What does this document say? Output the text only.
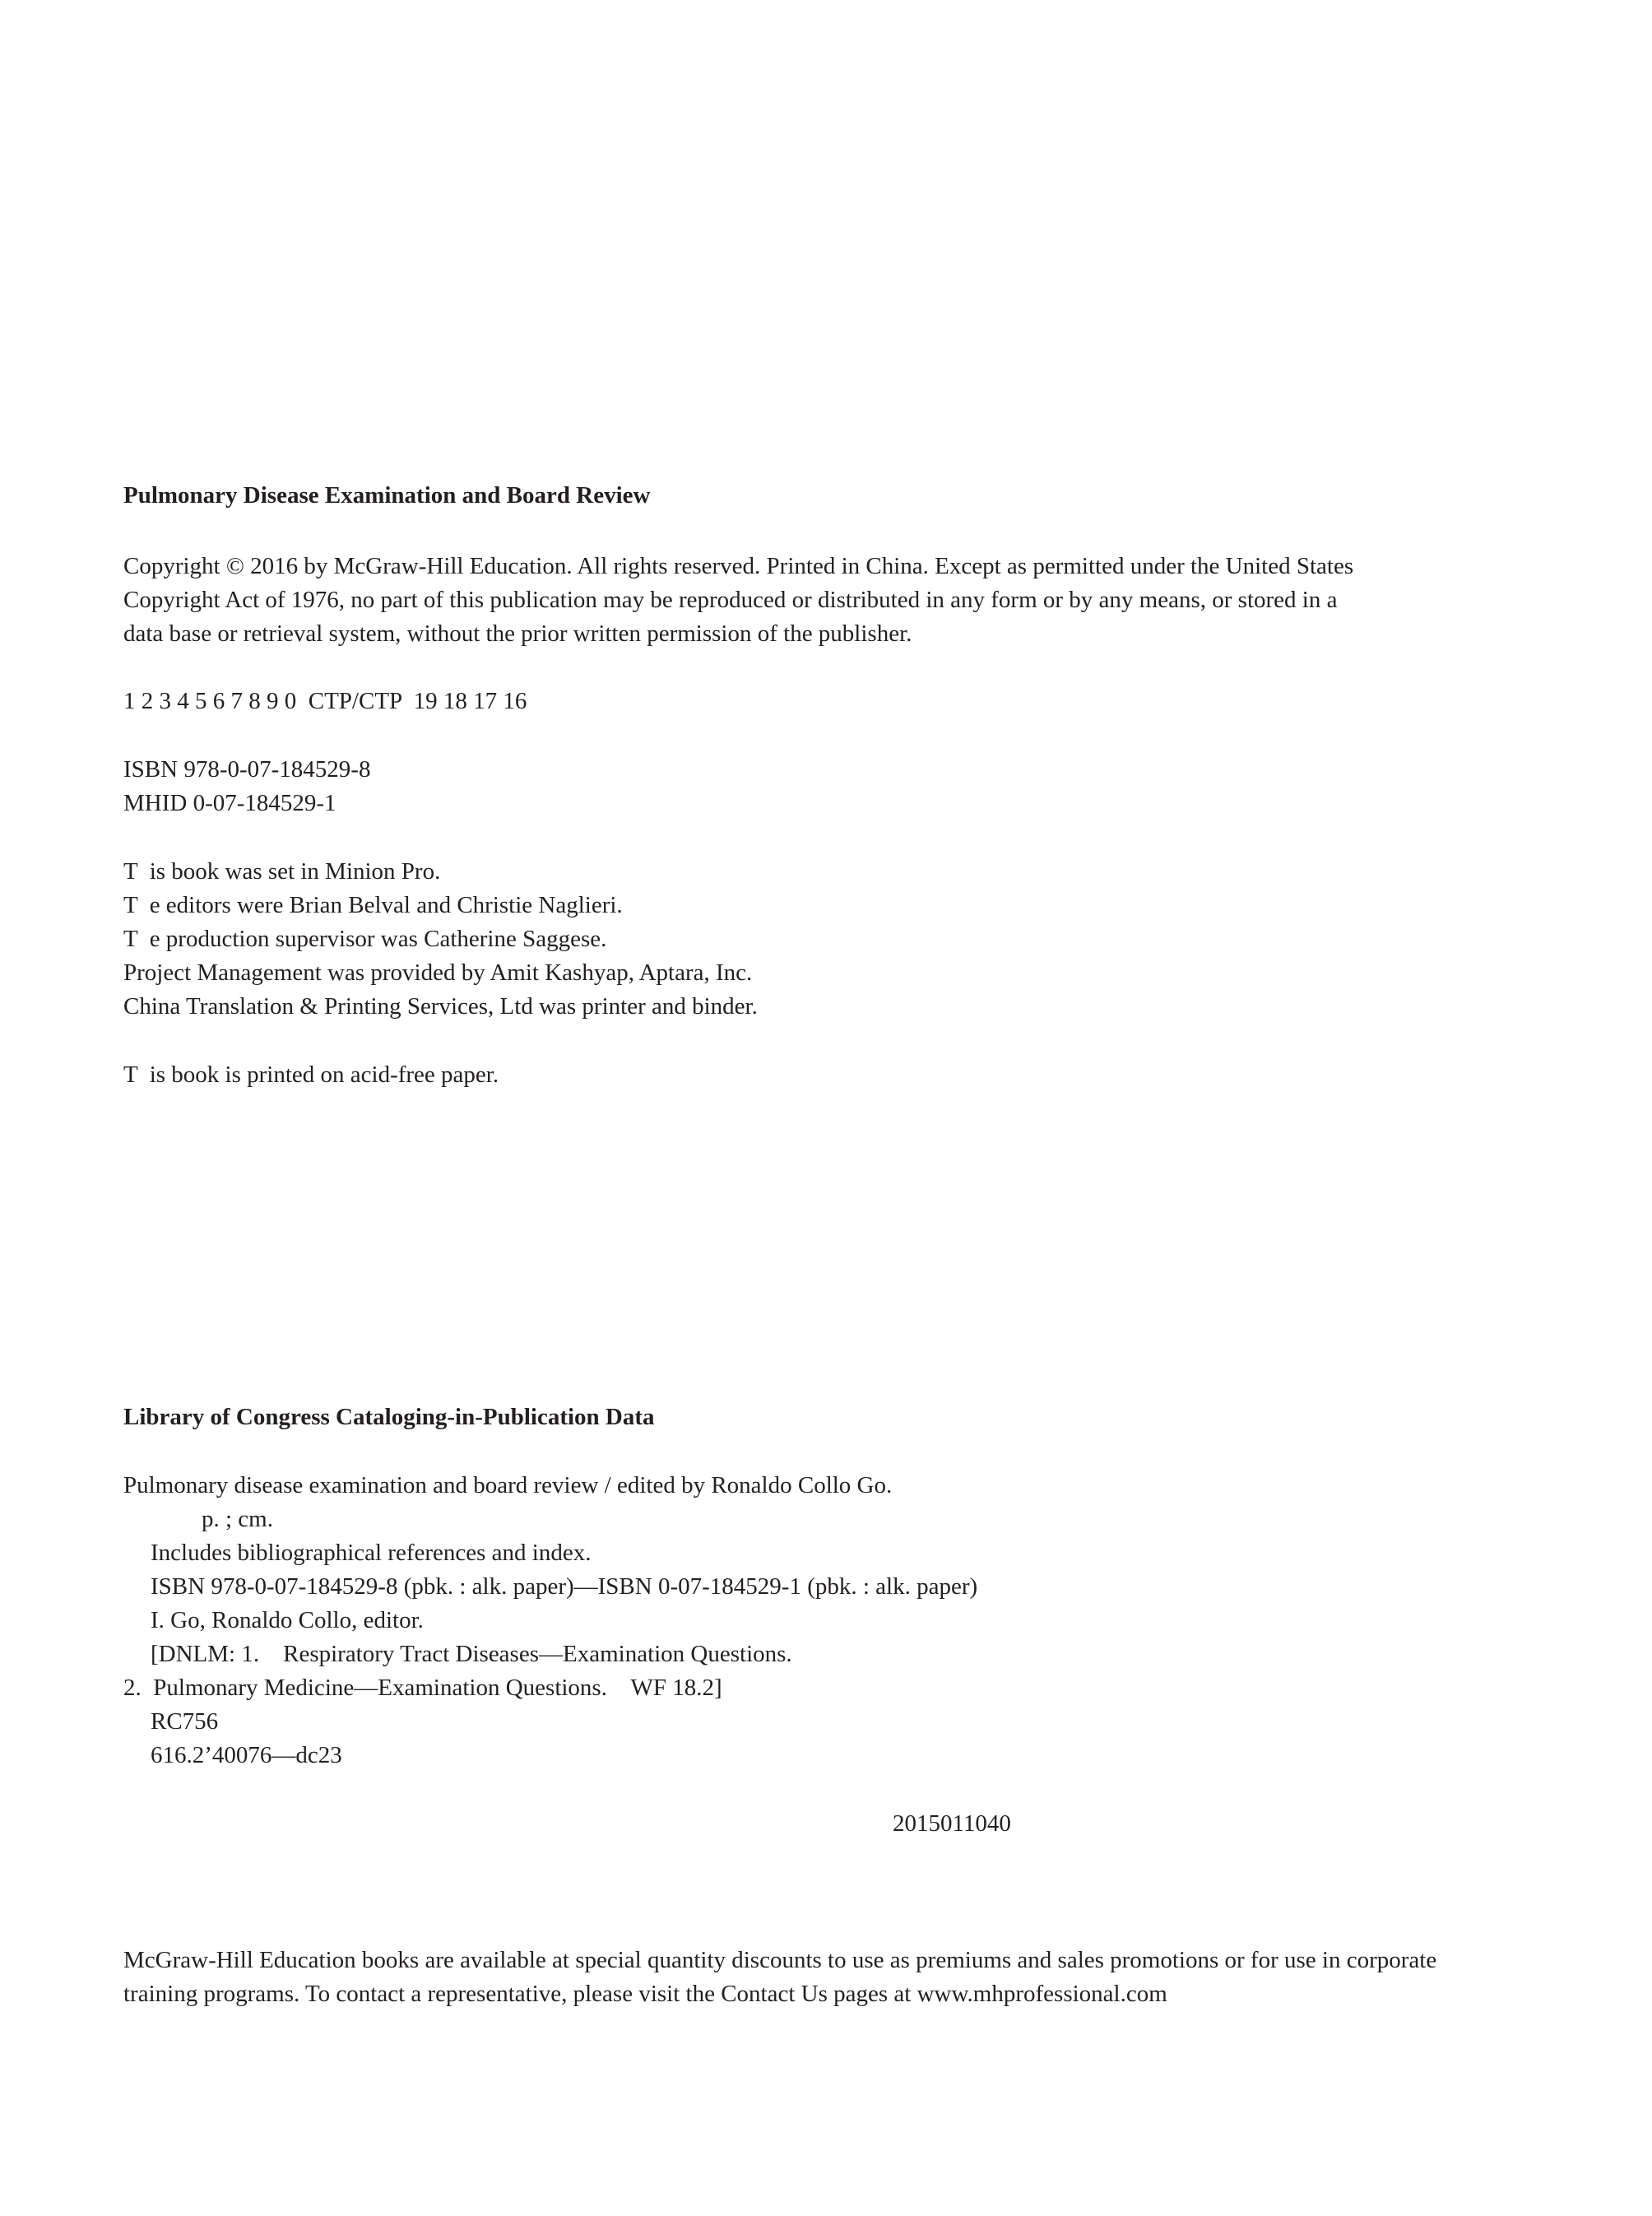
Pulmonary Disease Examination and Board Review
Copyright © 2016 by McGraw-Hill Education. All rights reserved. Printed in China. Except as permitted under the United States
Copyright Act of 1976, no part of this publication may be reproduced or distributed in any form or by any means, or stored in a
data base or retrieval system, without the prior written permission of the publisher.
1 2 3 4 5 6 7 8 9 0  CTP/CTP  19 18 17 16
ISBN 978-0-07-184529-8
MHID 0-07-184529-1
T  is book was set in Minion Pro.
T  e editors were Brian Belval and Christie Naglieri.
T  e production supervisor was Catherine Saggese.
Project Management was provided by Amit Kashyap, Aptara, Inc.
China Translation & Printing Services, Ltd was printer and binder.
T  is book is printed on acid-free paper.
Library of Congress Cataloging-in-Publication Data
Pulmonary disease examination and board review / edited by Ronaldo Collo Go.
p. ; cm.
Includes bibliographical references and index.
ISBN 978-0-07-184529-8 (pbk. : alk. paper)—ISBN 0-07-184529-1 (pbk. : alk. paper)
I. Go, Ronaldo Collo, editor.
[DNLM: 1.    Respiratory Tract Diseases—Examination Questions.
2.  Pulmonary Medicine—Examination Questions.    WF 18.2]
RC756
616.2’40076—dc23
2015011040
McGraw-Hill Education books are available at special quantity discounts to use as premiums and sales promotions or for use in corporate
training programs. To contact a representative, please visit the Contact Us pages at www.mhprofessional.com
